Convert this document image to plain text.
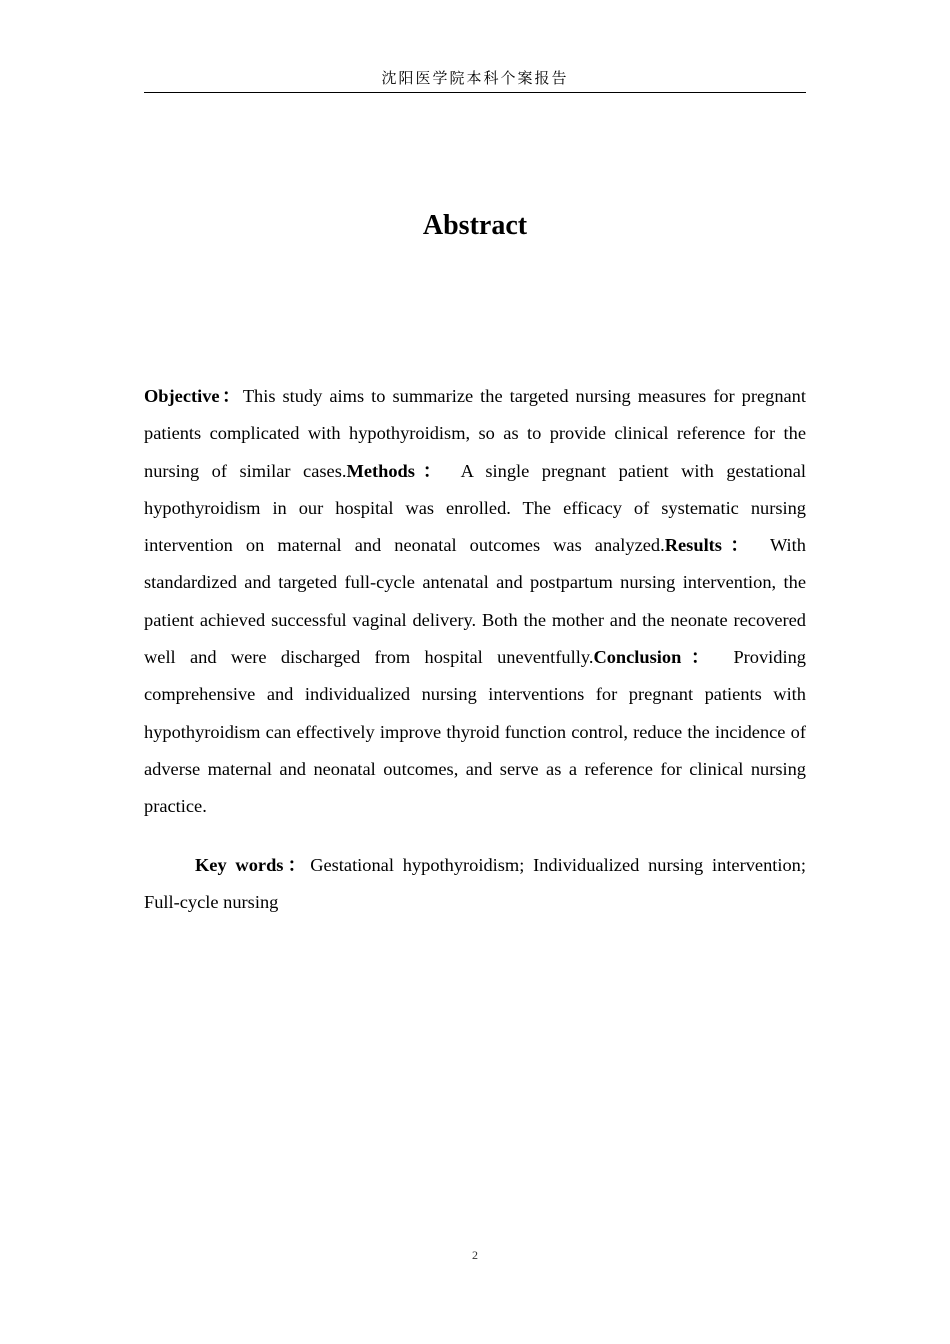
沈阳医学院本科个案报告
Abstract

Objective：This study aims to summarize the targeted nursing measures for pregnant patients complicated with hypothyroidism, so as to provide clinical reference for the nursing of similar cases.Methods： A single pregnant patient with gestational hypothyroidism in our hospital was enrolled. The efficacy of systematic nursing intervention on maternal and neonatal outcomes was analyzed.Results： With standardized and targeted full-cycle antenatal and postpartum nursing intervention, the patient achieved successful vaginal delivery. Both the mother and the neonate recovered well and were discharged from hospital uneventfully.Conclusion： Providing comprehensive and individualized nursing interventions for pregnant patients with hypothyroidism can effectively improve thyroid function control, reduce the incidence of adverse maternal and neonatal outcomes, and serve as a reference for clinical nursing practice.

Key words：Gestational hypothyroidism; Individualized nursing intervention; Full-cycle nursing

2
